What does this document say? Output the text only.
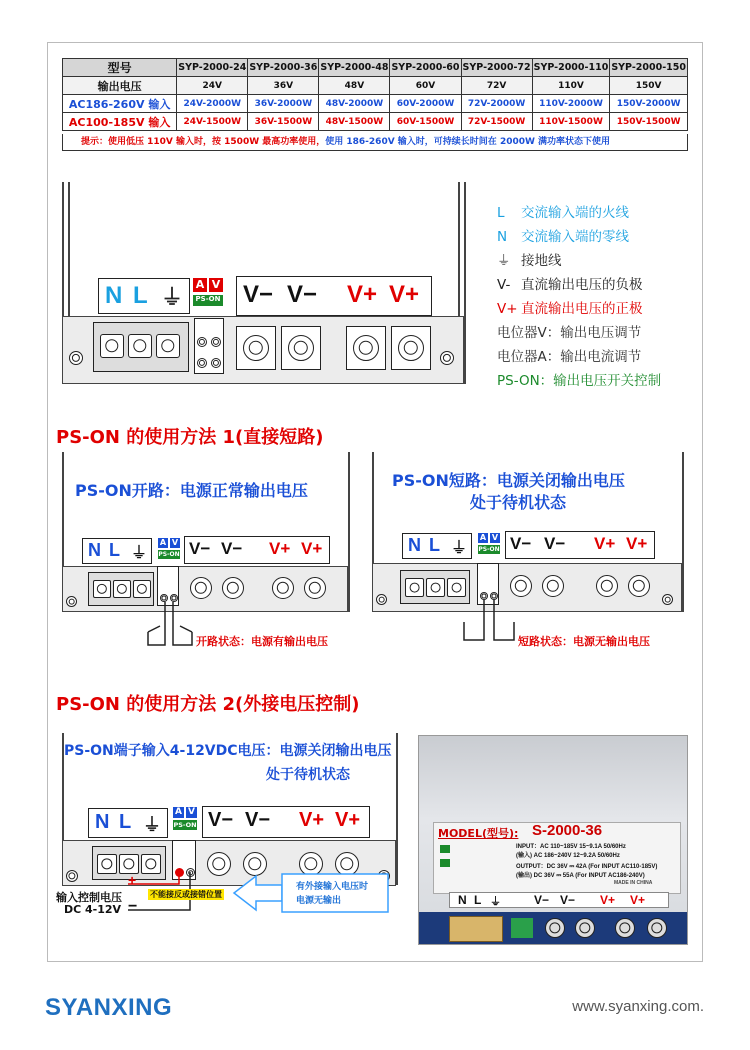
型号	SYP-2000-24	SYP-2000-36	SYP-2000-48	SYP-2000-60	SYP-2000-72	SYP-2000-110	SYP-2000-150
输出电压	24V	36V	48V	60V	72V	110V	150V
AC186-260V 输入	24V-2000W	36V-2000W	48V-2000W	60V-2000W	72V-2000W	110V-2000W	150V-2000W
AC100-185V 输入	24V-1500W	36V-1500W	48V-1500W	60V-1500W	72V-1500W	110V-1500W	150V-1500W
提示：使用低压 110V 输入时，按 1500W 最高功率使用，使用 186-260V 输入时，可持续长时间在 2000W 满功率状态下使用
N L ⏚
A V
PS-ON V− V− V+ V+
L 交流输入端的火线
N 交流输入端的零线
⏚ 接地线
V- 直流输出电压的负极
V+ 直流输出电压的正极
电位器V：输出电压调节
电位器A：输出电流调节
PS-ON：输出电压开关控制
PS-ON 的使用方法 1(直接短路)
PS-ON开路：电源正常输出电压
N L ⏚
A V
PS-ON V− V− V+ V+
开路状态：电源有输出电压
PS-ON短路：电源关闭输出电压
处于待机状态
N L ⏚
A V
PS-ON V− V− V+ V+
短路状态：电源无输出电压
PS-ON 的使用方法 2(外接电压控制)
PS-ON端子输入4-12VDC电压：电源关闭输出电压
处于待机状态
N L ⏚
A V
PS-ON V− V− V+ V+
+
−
输入控制电压
DC 4-12V
不能接反或接错位置
有外接输入电压时
电源无输出
MODEL(型号): S-2000-36
INPUT：AC 110~185V 15~9.1A 50/60Hz
(输入) AC 186~240V 12~9.2A 50/60Hz
OUTPUT：DC 36V ⎓ 42A (For INPUT AC110-185V)
(输出) DC 36V ⎓ 55A (For INPUT AC186-240V)
MADE IN CHINA
N L ⏚	V− V− V+ V+
SYANXING	www.syanxing.com.
